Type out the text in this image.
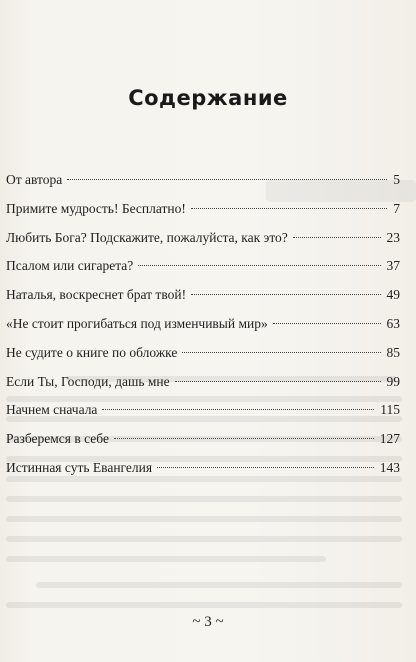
Содержание
От автора	5
Примите мудрость! Бесплатно!	7
Любить Бога? Подскажите, пожалуйста, как это?	23
Псалом или сигарета?	37
Наталья, воскреснет брат твой!	49
«Не стоит прогибаться под изменчивый мир»	63
Не судите о книге по обложке	85
Если Ты, Господи, дашь мне	99
Начнем сначала	115
Разберемся в себе	127
Истинная суть Евангелия	143
~ 3 ~
